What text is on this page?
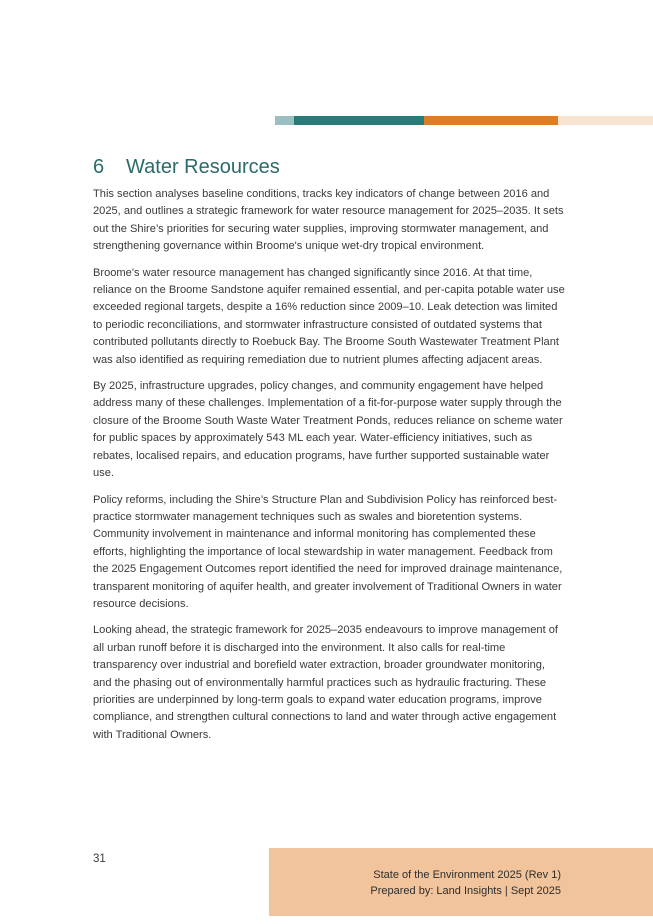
6 Water Resources

This section analyses baseline conditions, tracks key indicators of change between 2016 and 2025, and outlines a strategic framework for water resource management for 2025–2035. It sets out the Shire’s priorities for securing water supplies, improving stormwater management, and strengthening governance within Broome's unique wet-dry tropical environment.

Broome's water resource management has changed significantly since 2016. At that time, reliance on the Broome Sandstone aquifer remained essential, and per-capita potable water use exceeded regional targets, despite a 16% reduction since 2009–10. Leak detection was limited to periodic reconciliations, and stormwater infrastructure consisted of outdated systems that contributed pollutants directly to Roebuck Bay. The Broome South Wastewater Treatment Plant was also identified as requiring remediation due to nutrient plumes affecting adjacent areas.

By 2025, infrastructure upgrades, policy changes, and community engagement have helped address many of these challenges. Implementation of a fit-for-purpose water supply through the closure of the Broome South Waste Water Treatment Ponds, reduces reliance on scheme water for public spaces by approximately 543 ML each year. Water-efficiency initiatives, such as rebates, localised repairs, and education programs, have further supported sustainable water use.

Policy reforms, including the Shire’s Structure Plan and Subdivision Policy has reinforced best-practice stormwater management techniques such as swales and bioretention systems. Community involvement in maintenance and informal monitoring has complemented these efforts, highlighting the importance of local stewardship in water management. Feedback from the 2025 Engagement Outcomes report identified the need for improved drainage maintenance, transparent monitoring of aquifer health, and greater involvement of Traditional Owners in water resource decisions.

Looking ahead, the strategic framework for 2025–2035 endeavours to improve management of all urban runoff before it is discharged into the environment. It also calls for real-time transparency over industrial and borefield water extraction, broader groundwater monitoring, and the phasing out of environmentally harmful practices such as hydraulic fracturing. These priorities are underpinned by long-term goals to expand water education programs, improve compliance, and strengthen cultural connections to land and water through active engagement with Traditional Owners.

31
State of the Environment 2025 (Rev 1)
Prepared by: Land Insights | Sept 2025
